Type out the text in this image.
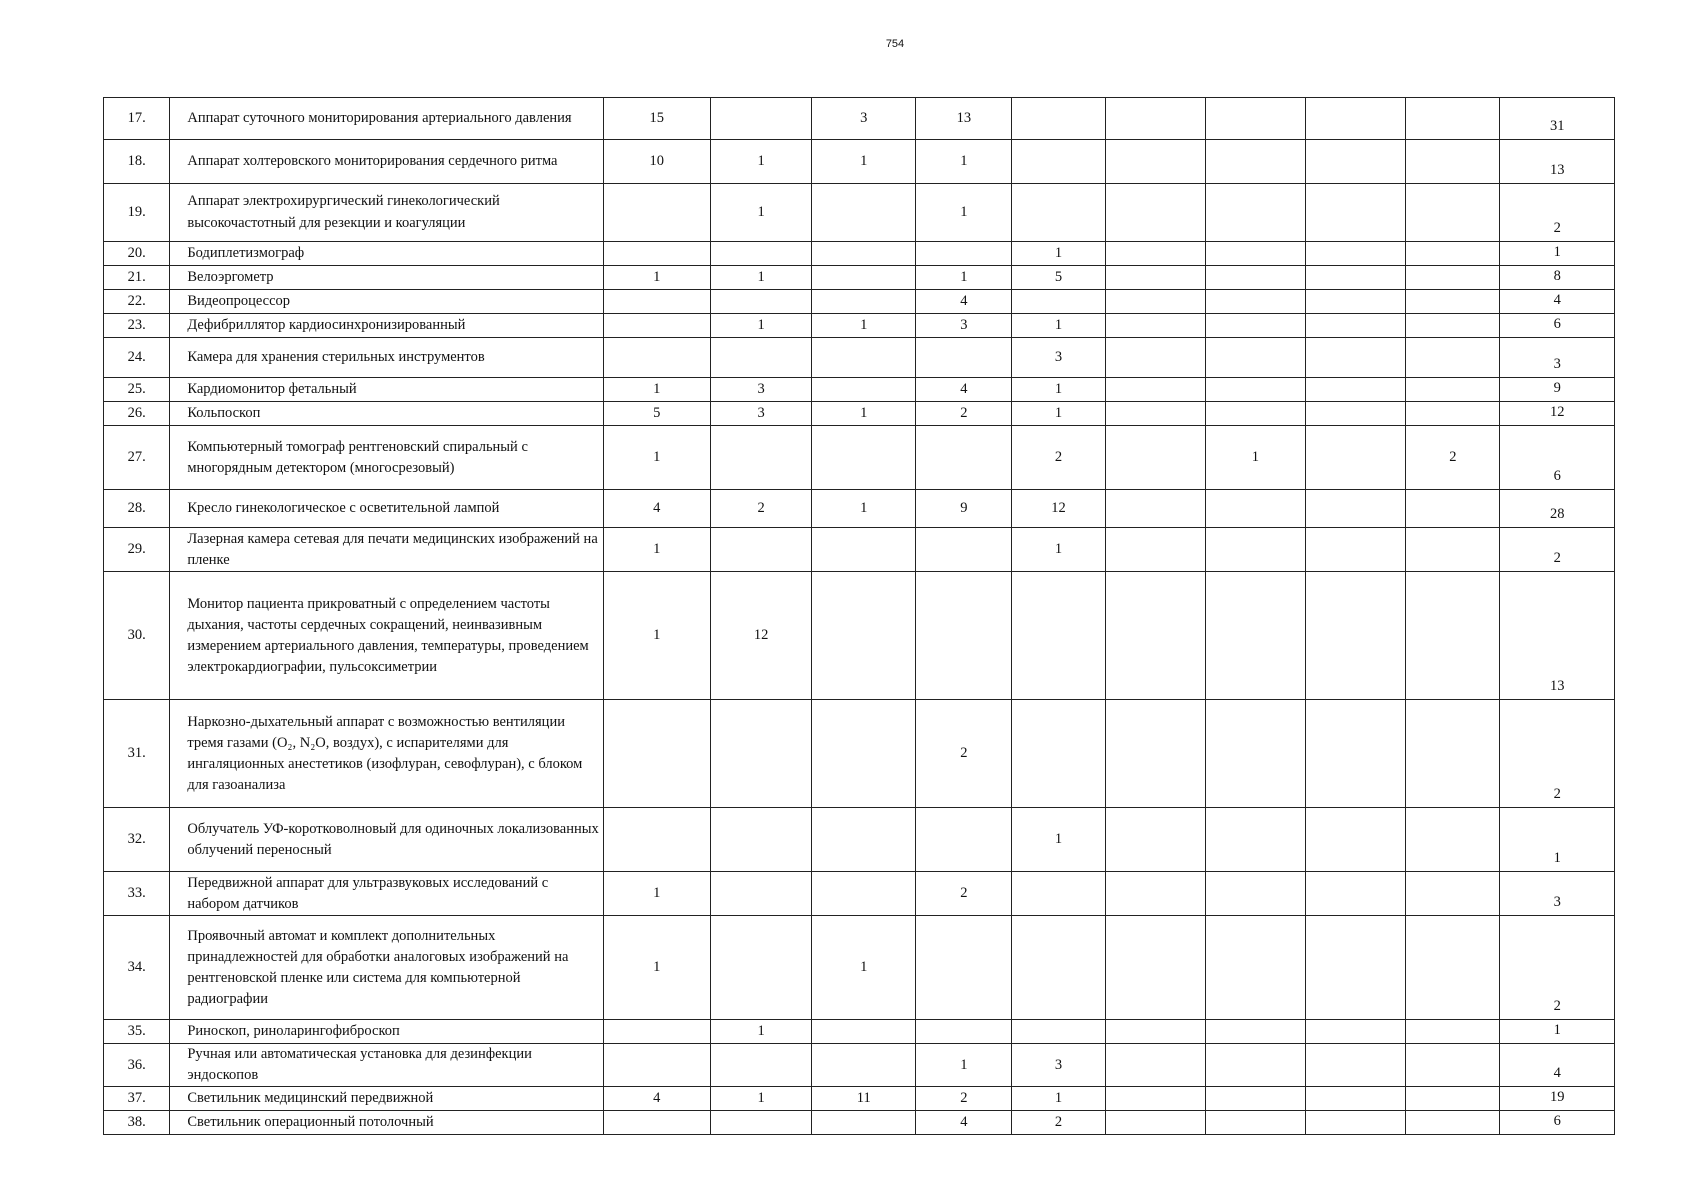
754
17.	Аппарат суточного мониторирования артериального давления	15		3	13						31
18.	Аппарат холтеровского мониторирования сердечного ритма	10	1	1	1						13
19.	Аппарат электрохирургический гинекологический высокочастотный для резекции и коагуляции		1		1						2
20.	Бодиплетизмограф					1					1
21.	Велоэргометр	1	1		1	5					8
22.	Видеопроцессор				4						4
23.	Дефибриллятор кардиосинхронизированный		1	1	3	1					6
24.	Камера для хранения стерильных инструментов					3					3
25.	Кардиомонитор фетальный	1	3		4	1					9
26.	Кольпоскоп	5	3	1	2	1					12
27.	Компьютерный томограф рентгеновский спиральный с многорядным детектором (многосрезовый)	1				2		1		2	6
28.	Кресло гинекологическое с осветительной лампой	4	2	1	9	12					28
29.	Лазерная камера сетевая для печати медицинских изображений на пленке	1				1					2
30.	Монитор пациента прикроватный с определением частоты дыхания, частоты сердечных сокращений, неинвазивным измерением артериального давления, температуры, проведением электрокардиографии, пульсоксиметрии	1	12								13
31.	Наркозно-дыхательный аппарат с возможностью вентиляции тремя газами (O₂, N₂O, воздух), с испарителями для ингаляционных анестетиков (изофлуран, севофлуран), с блоком для газоанализа				2						2
32.	Облучатель УФ-коротковолновый для одиночных локализованных облучений переносный					1					1
33.	Передвижной аппарат для ультразвуковых исследований с набором датчиков	1			2						3
34.	Проявочный автомат и комплект дополнительных принадлежностей для обработки аналоговых изображений на рентгеновской пленке или система для компьютерной радиографии	1		1							2
35.	Риноскоп, риноларингофиброскоп		1								1
36.	Ручная или автоматическая установка для дезинфекции эндоскопов				1	3					4
37.	Светильник медицинский передвижной	4	1	11	2	1					19
38.	Светильник операционный потолочный				4	2					6
